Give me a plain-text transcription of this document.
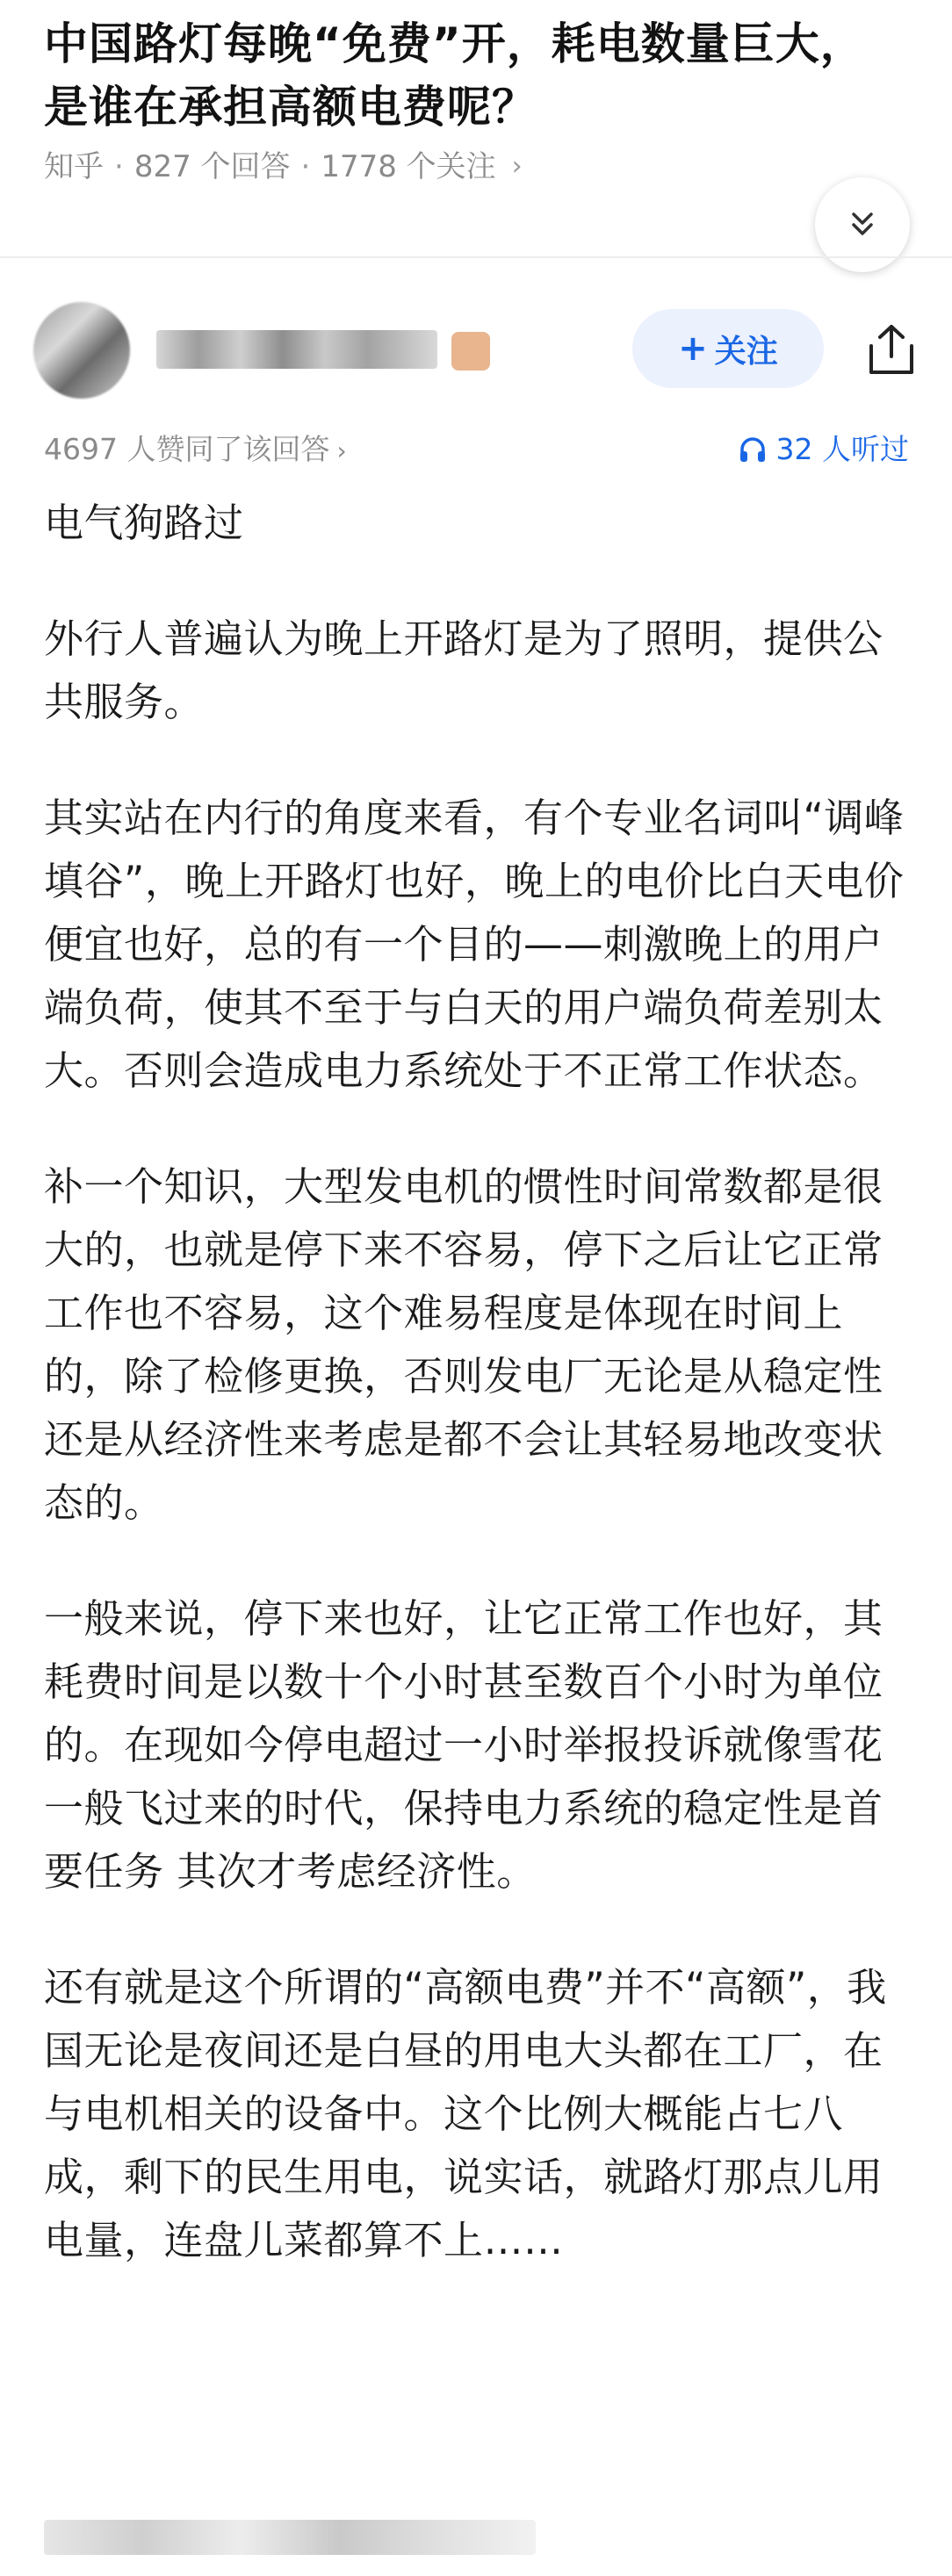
中国路灯每晚“免费”开，耗电数量巨大，是谁在承担高额电费呢？
知乎 · 827 个回答 · 1778 个关注 ›
+ 关注
4697 人赞同了该回答 ›	32 人听过

电气狗路过

外行人普遍认为晚上开路灯是为了照明，提供公共服务。

其实站在内行的角度来看，有个专业名词叫“调峰填谷”，晚上开路灯也好，晚上的电价比白天电价便宜也好，总的有一个目的——刺激晚上的用户端负荷，使其不至于与白天的用户端负荷差别太大。否则会造成电力系统处于不正常工作状态。

补一个知识，大型发电机的惯性时间常数都是很大的，也就是停下来不容易，停下之后让它正常工作也不容易，这个难易程度是体现在时间上的，除了检修更换，否则发电厂无论是从稳定性还是从经济性来考虑是都不会让其轻易地改变状态的。

一般来说，停下来也好，让它正常工作也好，其耗费时间是以数十个小时甚至数百个小时为单位的。在现如今停电超过一小时举报投诉就像雪花一般飞过来的时代，保持电力系统的稳定性是首要任务 其次才考虑经济性。

还有就是这个所谓的“高额电费”并不“高额”，我国无论是夜间还是白昼的用电大头都在工厂，在与电机相关的设备中。这个比例大概能占七八成，剩下的民生用电，说实话，就路灯那点儿用电量，连盘儿菜都算不上……
